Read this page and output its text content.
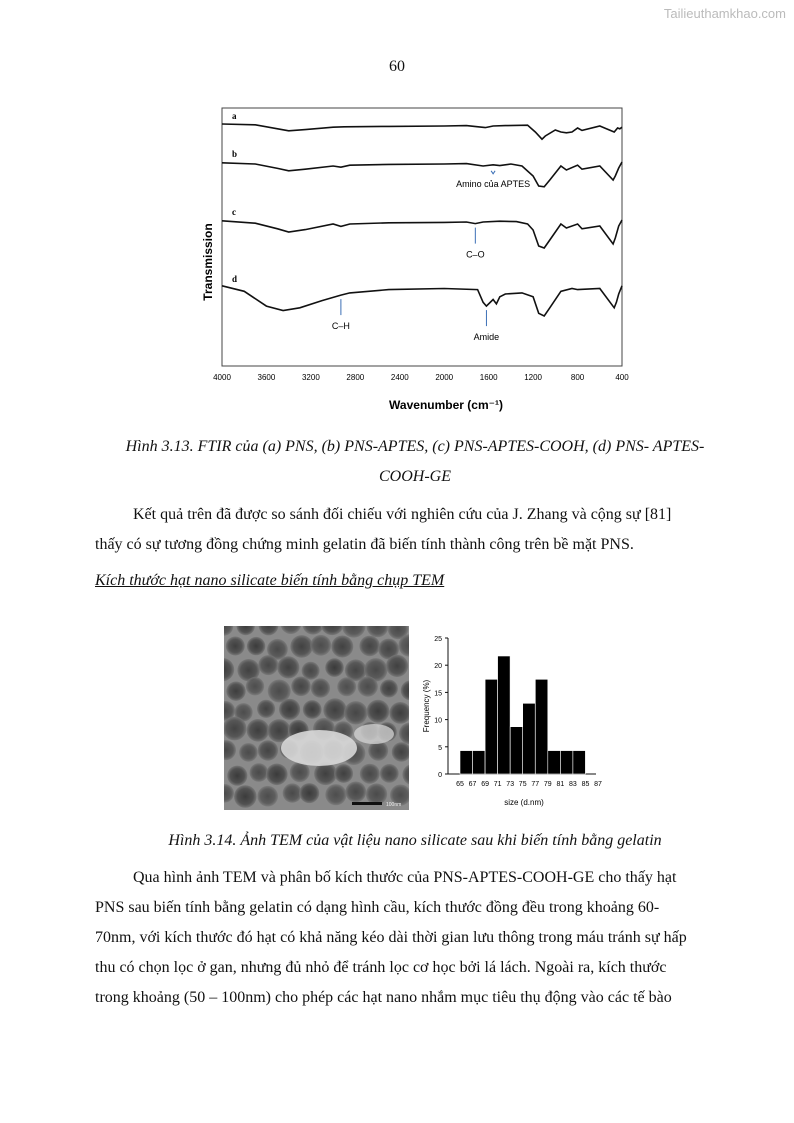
Tailieuthamkhao.com
60
a
b
c
d
4000	3600	3200	2800	2400	2000	1600	1200	800	400
Amino của APTES
C–O
C–H
Amide
Transmission
Wavenumber (cm⁻¹)
Hình 3.13. FTIR của (a) PNS, (b) PNS-APTES, (c) PNS-APTES-COOH, (d) PNS- APTES-
COOH-GE
Kết quả trên đã được so sánh đối chiếu với nghiên cứu của J. Zhang và cộng sự [81]
thấy có sự tương đồng chứng minh gelatin đã biến tính thành công trên bề mặt PNS.
Kích thước hạt nano silicate biến tính bằng chụp TEM
100nm
0
5
10
15
20
25
65 67 69 71 73 75 77 79 81 83 85 87
Frequency (%)
size (d.nm)
Hình 3.14. Ảnh TEM của vật liệu nano silicate sau khi biến tính bằng gelatin
Qua hình ảnh TEM và phân bố kích thước của PNS-APTES-COOH-GE cho thấy hạt
PNS sau biến tính bằng gelatin có dạng hình cầu, kích thước đồng đều trong khoảng 60-
70nm, với kích thước đó hạt có khả năng kéo dài thời gian lưu thông trong máu tránh sự hấp
thu có chọn lọc ở gan, nhưng đủ nhỏ để tránh lọc cơ học bởi lá lách. Ngoài ra, kích thước
trong khoảng (50 – 100nm) cho phép các hạt nano nhắm mục tiêu thụ động vào các tế bào
